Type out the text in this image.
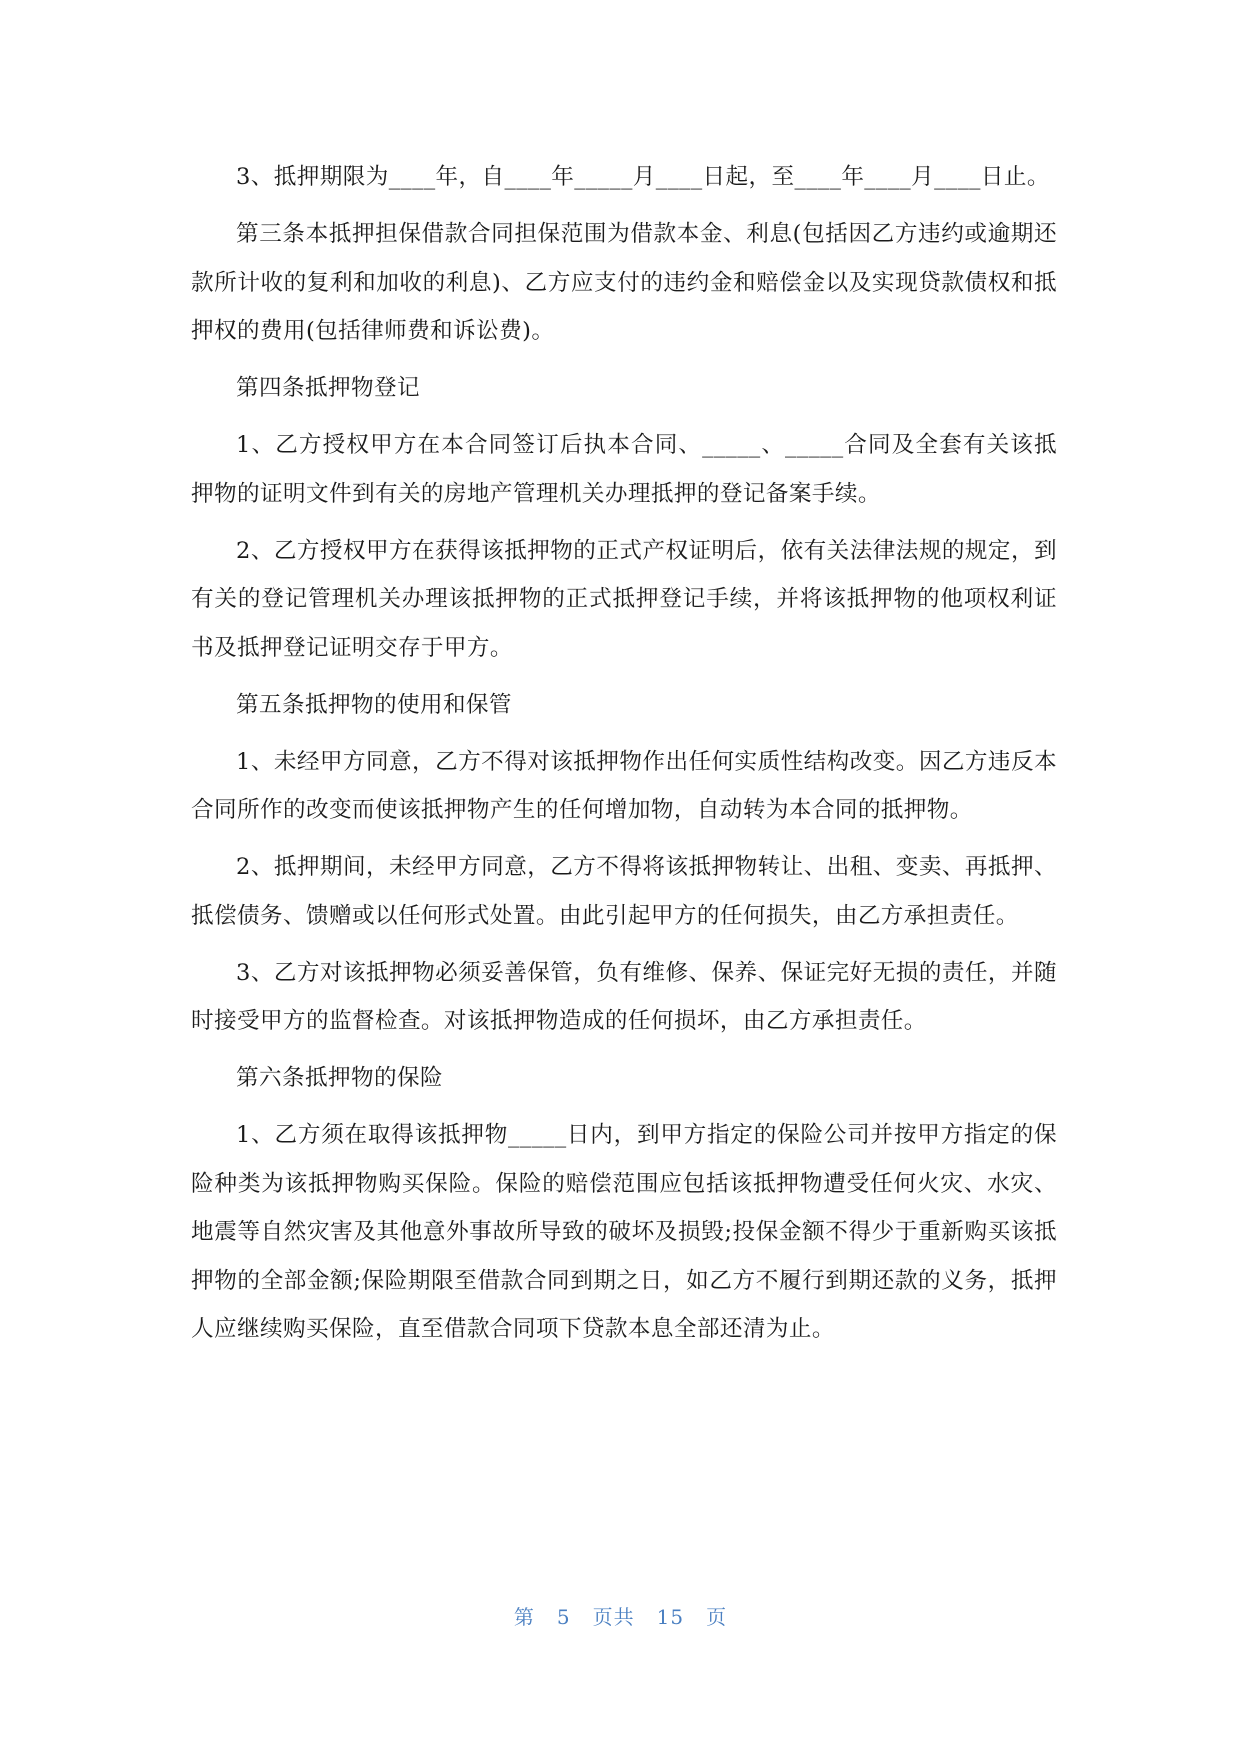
3、抵押期限为____年，自____年_____月____日起，至____年____月____日止。

第三条本抵押担保借款合同担保范围为借款本金、利息(包括因乙方违约或逾期还款所计收的复利和加收的利息)、乙方应支付的违约金和赔偿金以及实现贷款债权和抵押权的费用(包括律师费和诉讼费)。

第四条抵押物登记

1、乙方授权甲方在本合同签订后执本合同、_____、_____合同及全套有关该抵押物的证明文件到有关的房地产管理机关办理抵押的登记备案手续。

2、乙方授权甲方在获得该抵押物的正式产权证明后，依有关法律法规的规定，到有关的登记管理机关办理该抵押物的正式抵押登记手续，并将该抵押物的他项权利证书及抵押登记证明交存于甲方。

第五条抵押物的使用和保管

1、未经甲方同意，乙方不得对该抵押物作出任何实质性结构改变。因乙方违反本合同所作的改变而使该抵押物产生的任何增加物，自动转为本合同的抵押物。

2、抵押期间，未经甲方同意，乙方不得将该抵押物转让、出租、变卖、再抵押、抵偿债务、馈赠或以任何形式处置。由此引起甲方的任何损失，由乙方承担责任。

3、乙方对该抵押物必须妥善保管，负有维修、保养、保证完好无损的责任，并随时接受甲方的监督检查。对该抵押物造成的任何损坏，由乙方承担责任。

第六条抵押物的保险

1、乙方须在取得该抵押物_____日内，到甲方指定的保险公司并按甲方指定的保险种类为该抵押物购买保险。保险的赔偿范围应包括该抵押物遭受任何火灾、水灾、地震等自然灾害及其他意外事故所导致的破坏及损毁;投保金额不得少于重新购买该抵押物的全部金额;保险期限至借款合同到期之日，如乙方不履行到期还款的义务，抵押人应继续购买保险，直至借款合同项下贷款本息全部还清为止。

第 5 页共 15 页
